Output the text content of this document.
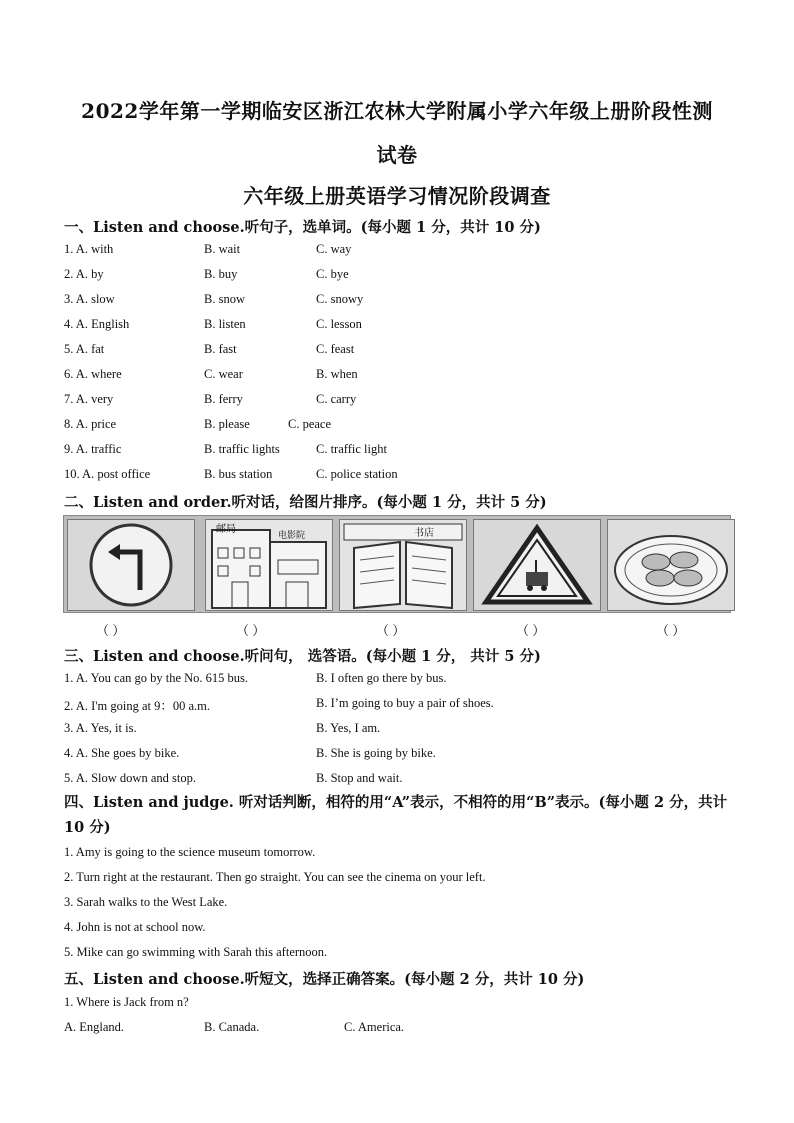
2022学年第一学期临安区浙江农林大学附属小学六年级上册阶段性测
试卷
六年级上册英语学习情况阶段调查
一、Listen and choose.听句子，选单词。(每小题 1 分，共计 10 分)
1. A. with	B. wait	C. way
2. A. by	B. buy	C. bye
3. A. slow	B. snow	C. snowy
4. A. English	B. listen	C. lesson
5. A. fat	B. fast	C. feast
6. A. where	C. wear	B. when
7. A. very	B. ferry	C. carry
8. A. price	B. please	C. peace
9. A. traffic	B. traffic lights	C. traffic light
10. A. post office	B. bus station	C. police station
二、Listen and order.听对话，给图片排序。(每小题 1 分，共计 5 分)
邮局
电影院	书店
（ ）	（ ）	（ ）	（ ）	（ ）
三、Listen and choose.听问句， 选答语。(每小题 1 分， 共计 5 分)
1. A. You can go by the No. 615 bus.	B. I often go there by bus.
2. A. I'm going at 9：00 a.m.	B. I’m going to buy a pair of shoes.
3. A. Yes, it is.	B. Yes, I am.
4. A. She goes by bike.	B. She is going by bike.
5. A. Slow down and stop.	B. Stop and wait.
四、Listen and judge. 听对话判断，相符的用“A”表示，不相符的用“B”表示。(每小题 2 分，共计 10 分)
1. Amy is going to the science museum tomorrow.
2. Turn right at the restaurant. Then go straight. You can see the cinema on your left.
3. Sarah walks to the West Lake.
4. John is not at school now.
5. Mike can go swimming with Sarah this afternoon.
五、Listen and choose.听短文，选择正确答案。(每小题 2 分，共计 10 分)
1. Where is Jack from n?
A. England.	B. Canada.	C. America.
